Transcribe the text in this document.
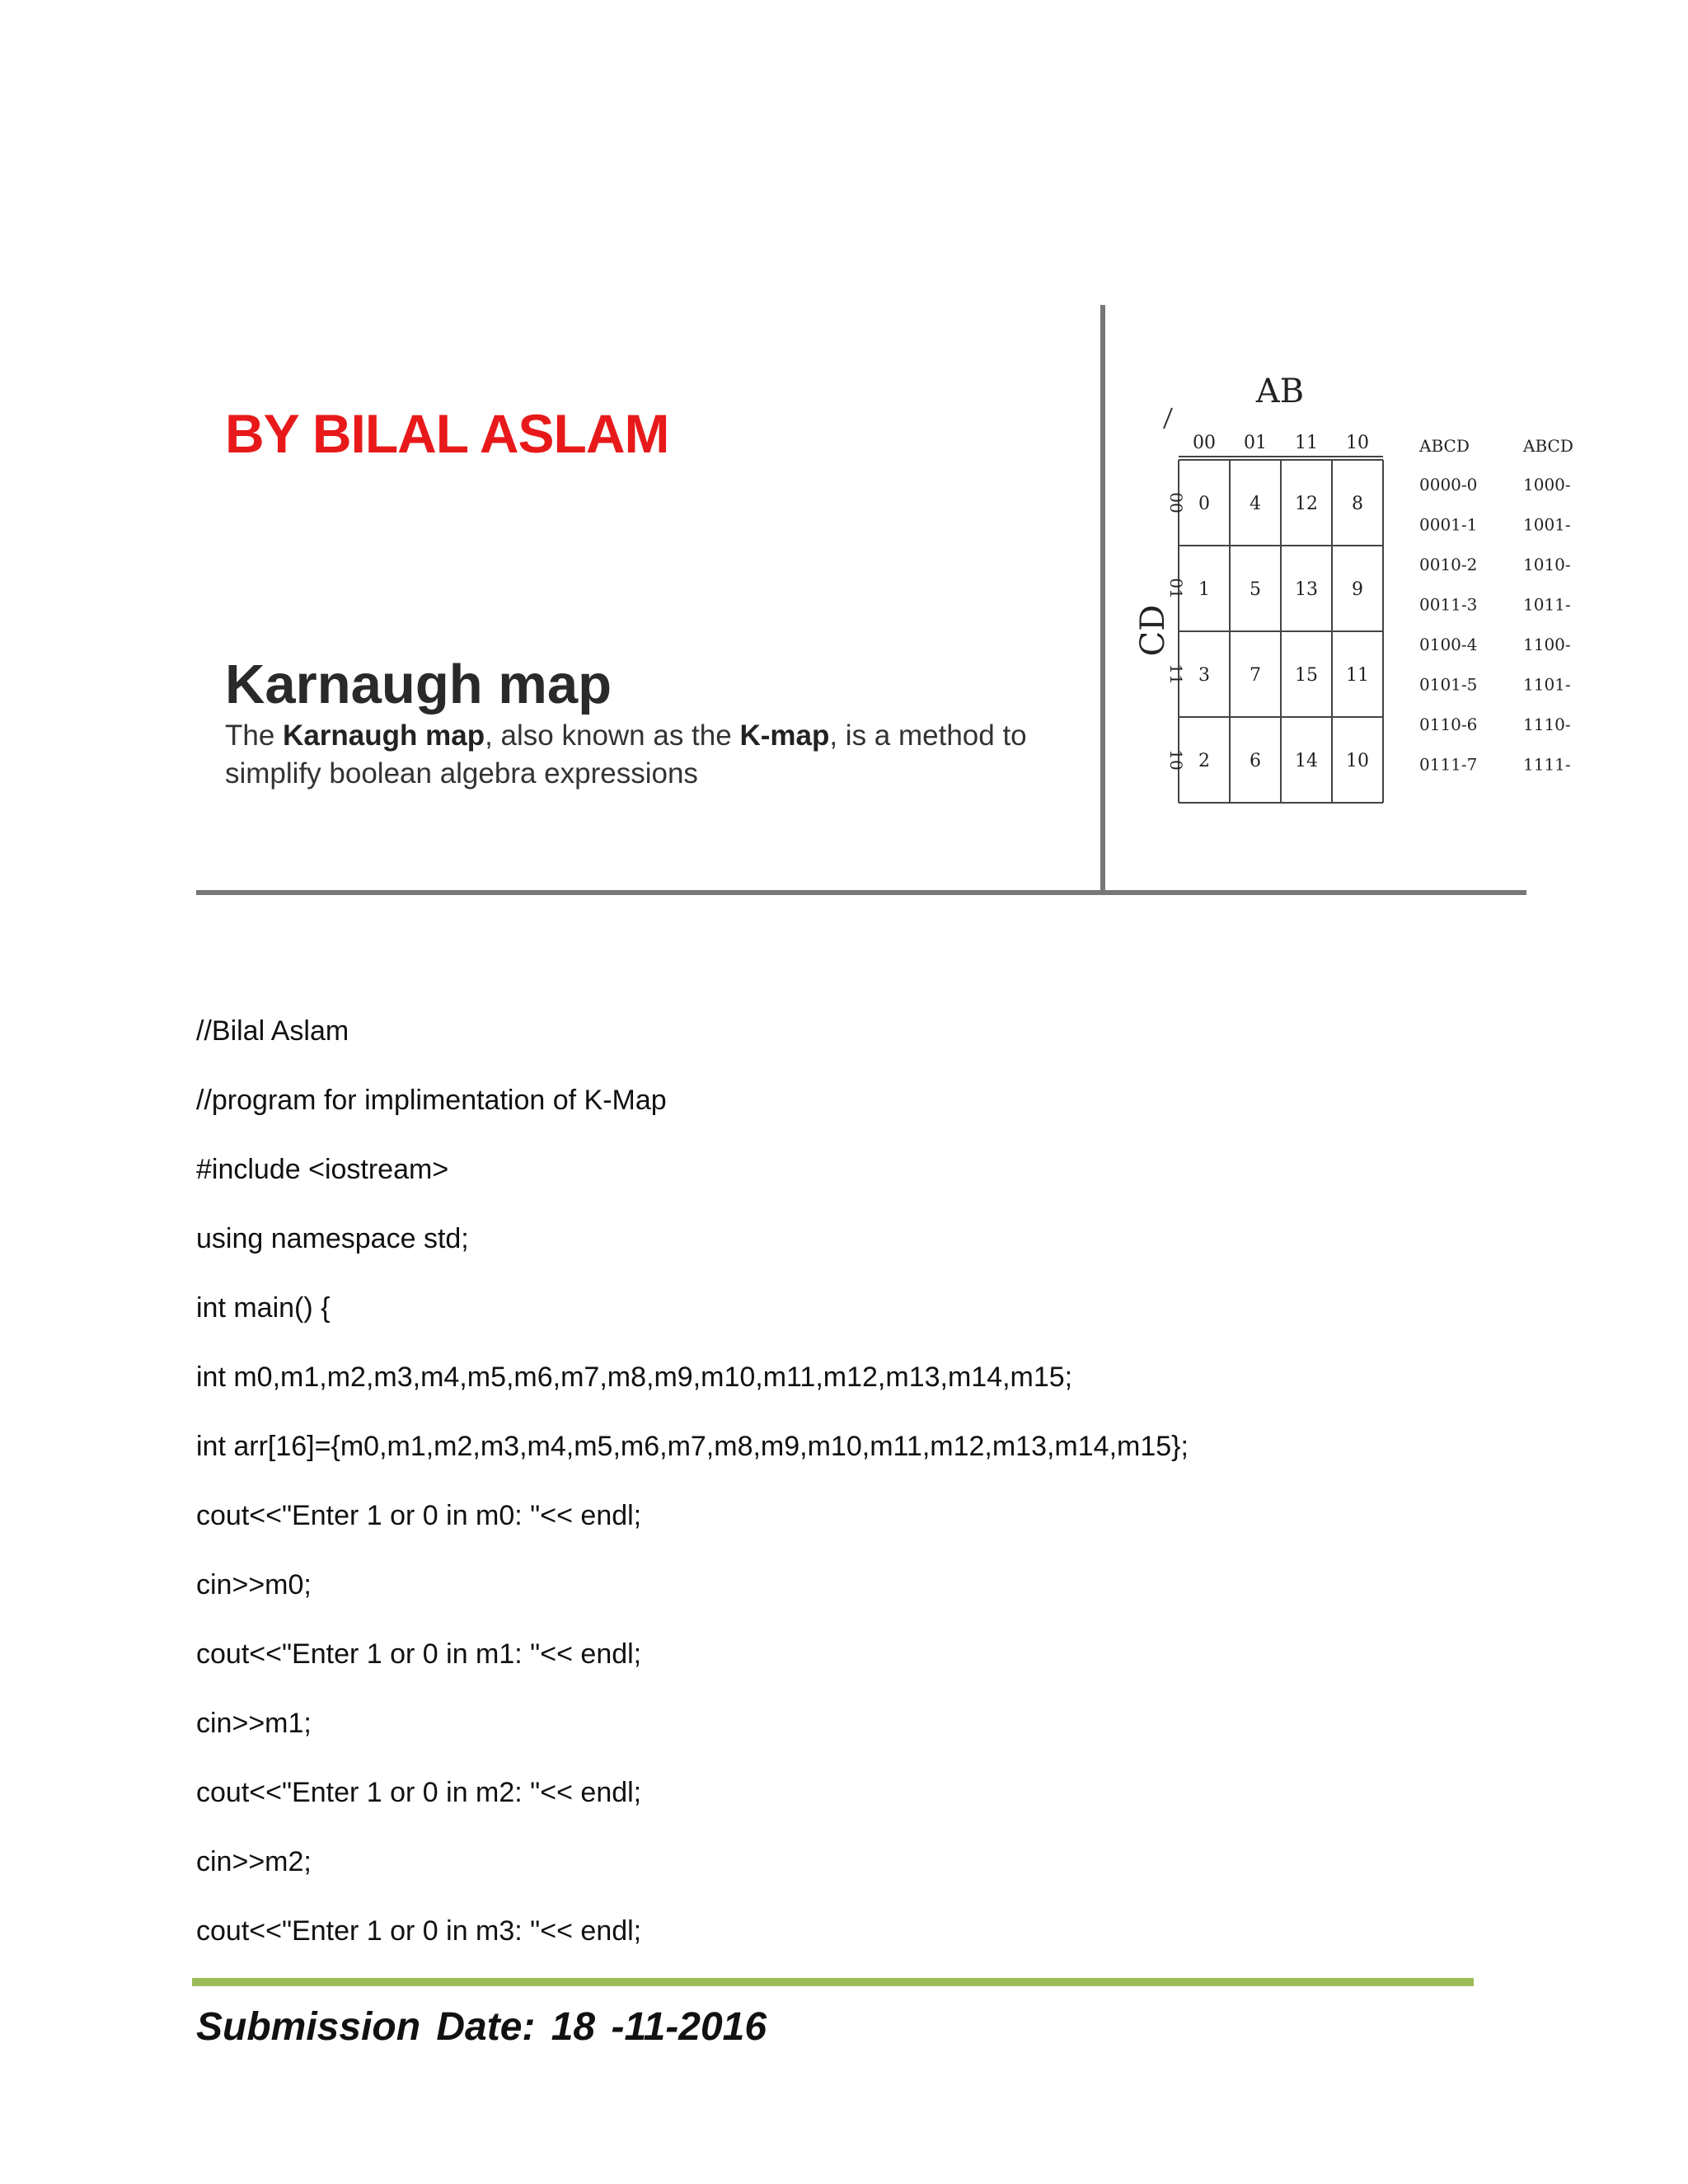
BY BILAL ASLAM
Karnaugh map
The Karnaugh map, also known as the K-map, is a method to simplify boolean algebra expressions
AB
CD
00 01 11 10
00
01
11
10
0 4 12 8
1 5 13 9
3 7 15 11
2 6 14 10
ABCD	ABCD
0000-0
0001-1
0010-2
0011-3
0100-4
0101-5
0110-6
0111-7
1000-
1001-
1010-
1011-
1100-
1101-
1110-
1111-
//Bilal Aslam
//program for implimentation of K-Map
#include <iostream>
using namespace std;
int main() {
int m0,m1,m2,m3,m4,m5,m6,m7,m8,m9,m10,m11,m12,m13,m14,m15;
int arr[16]={m0,m1,m2,m3,m4,m5,m6,m7,m8,m9,m10,m11,m12,m13,m14,m15};
cout<<"Enter 1 or 0 in m0: "<< endl;
cin>>m0;
cout<<"Enter 1 or 0 in m1: "<< endl;
cin>>m1;
cout<<"Enter 1 or 0 in m2: "<< endl;
cin>>m2;
cout<<"Enter 1 or 0 in m3: "<< endl;
Submission Date: 18 -11-2016
